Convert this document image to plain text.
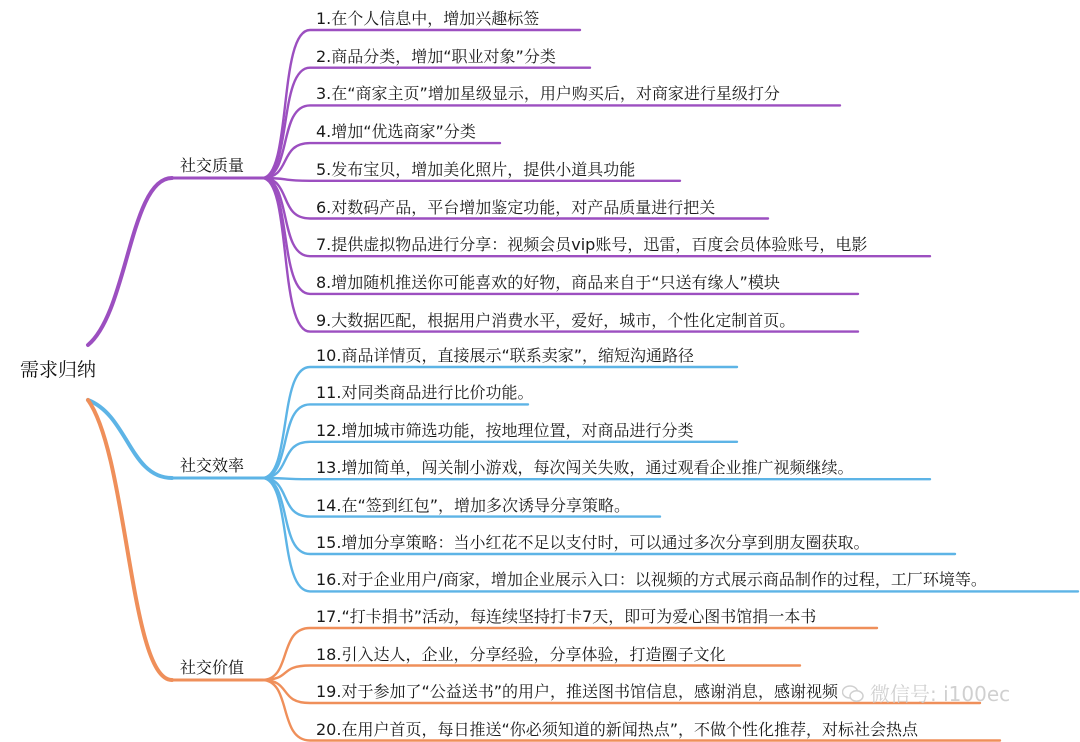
需求归纳
社交质量
社交效率
社交价值
1.在个人信息中，增加兴趣标签
2.商品分类，增加“职业对象”分类
3.在“商家主页”增加星级显示，用户购买后，对商家进行星级打分
4.增加“优选商家”分类
5.发布宝贝，增加美化照片，提供小道具功能
6.对数码产品，平台增加鉴定功能，对产品质量进行把关
7.提供虚拟物品进行分享：视频会员vip账号，迅雷，百度会员体验账号，电影
8.增加随机推送你可能喜欢的好物，商品来自于“只送有缘人”模块
9.大数据匹配，根据用户消费水平，爱好，城市，个性化定制首页。
10.商品详情页，直接展示“联系卖家”，缩短沟通路径
11.对同类商品进行比价功能。
12.增加城市筛选功能，按地理位置，对商品进行分类
13.增加简单，闯关制小游戏，每次闯关失败，通过观看企业推广视频继续。
14.在“签到红包”，增加多次诱导分享策略。
15.增加分享策略：当小红花不足以支付时，可以通过多次分享到朋友圈获取。
16.对于企业用户/商家，增加企业展示入口：以视频的方式展示商品制作的过程，工厂环境等。
17.“打卡捐书”活动，每连续坚持打卡7天，即可为爱心图书馆捐一本书
18.引入达人，企业，分享经验，分享体验，打造圈子文化
19.对于参加了“公益送书”的用户，推送图书馆信息，感谢消息，感谢视频
20.在用户首页，每日推送“你必须知道的新闻热点”，不做个性化推荐，对标社会热点
微信号: i100ec
